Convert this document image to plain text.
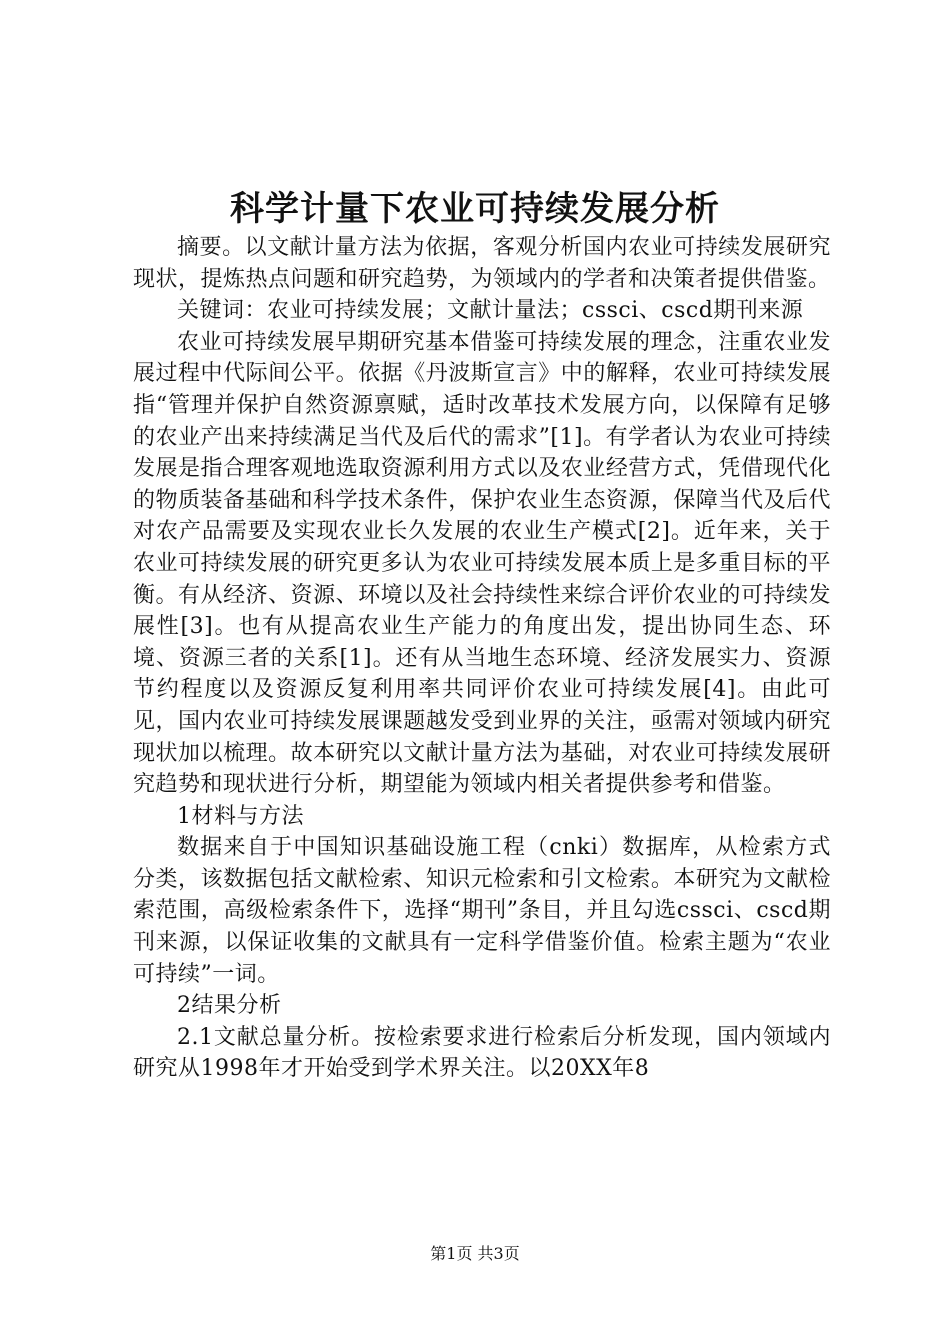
科学计量下农业可持续发展分析

摘要。以文献计量方法为依据，客观分析国内农业可持续发展研究现状，提炼热点问题和研究趋势，为领域内的学者和决策者提供借鉴。

关键词：农业可持续发展；文献计量法；cssci、cscd期刊来源

农业可持续发展早期研究基本借鉴可持续发展的理念，注重农业发展过程中代际间公平。依据《丹波斯宣言》中的解释，农业可持续发展指“管理并保护自然资源禀赋，适时改革技术发展方向，以保障有足够的农业产出来持续满足当代及后代的需求”[1]。有学者认为农业可持续发展是指合理客观地选取资源利用方式以及农业经营方式，凭借现代化的物质装备基础和科学技术条件，保护农业生态资源，保障当代及后代对农产品需要及实现农业长久发展的农业生产模式[2]。近年来，关于农业可持续发展的研究更多认为农业可持续发展本质上是多重目标的平衡。有从经济、资源、环境以及社会持续性来综合评价农业的可持续发展性[3]。也有从提高农业生产能力的角度出发，提出协同生态、环境、资源三者的关系[1]。还有从当地生态环境、经济发展实力、资源节约程度以及资源反复利用率共同评价农业可持续发展[4]。由此可见，国内农业可持续发展课题越发受到业界的关注，亟需对领域内研究现状加以梳理。故本研究以文献计量方法为基础，对农业可持续发展研究趋势和现状进行分析，期望能为领域内相关者提供参考和借鉴。

1材料与方法

数据来自于中国知识基础设施工程（cnki）数据库，从检索方式分类，该数据包括文献检索、知识元检索和引文检索。本研究为文献检索范围，高级检索条件下，选择“期刊”条目，并且勾选cssci、cscd期刊来源，以保证收集的文献具有一定科学借鉴价值。检索主题为“农业可持续”一词。

2结果分析

2.1文献总量分析。按检索要求进行检索后分析发现，国内领域内研究从1998年才开始受到学术界关注。以20XX年8

第1页 共3页
